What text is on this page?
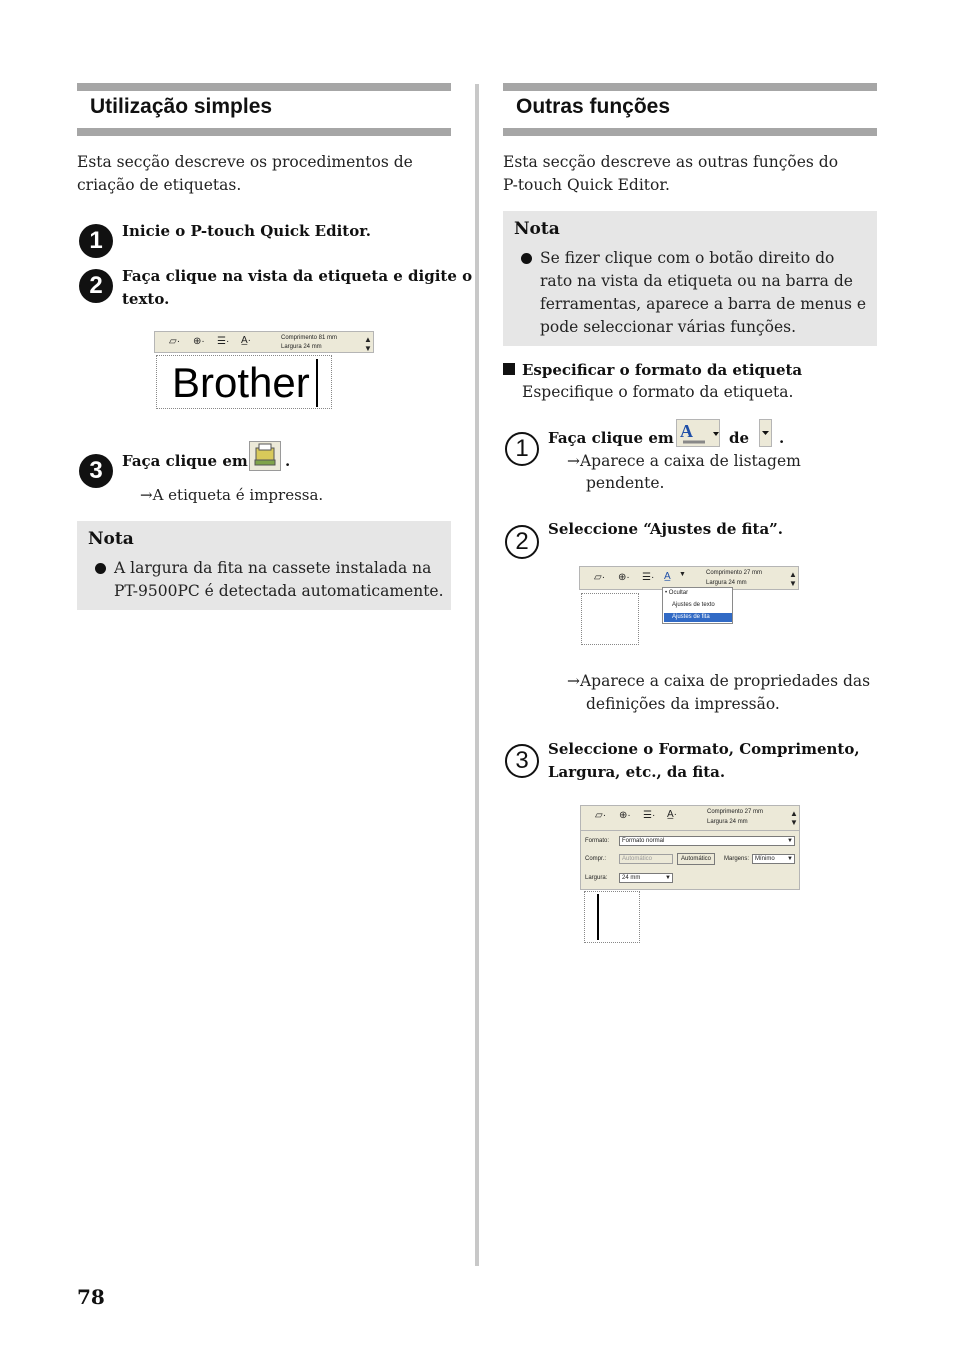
Utilização simples
Esta secção descreve os procedimentos de
criação de etiquetas.
1	Inicie o P-touch Quick Editor.
2	Faça clique na vista da etiqueta e digite o
texto.
▱· ⊕· ☰· A̲·	Comprimento 81 mm
Largura 24 mm
▲
▼
Brother
3	Faça clique em .
→A etiqueta é impressa.
Nota
A largura da fita na cassete instalada na
PT-9500PC é detectada automaticamente.
Outras funções
Esta secção descreve as outras funções do
P-touch Quick Editor.
Nota
Se fizer clique com o botão direito do
rato na vista da etiqueta ou na barra de
ferramentas, aparece a barra de menus e
pode seleccionar várias funções.
Especificar o formato da etiqueta
Especifique o formato da etiqueta.
1	Faça clique em A de .
→Aparece a caixa de listagem
pendente.
2	Seleccione “Ajustes de fita”.
▱· ⊕· ☰· A̲ ▼	Comprimento 27 mm
Largura 24 mm
▲
▼
• Ocultar
Ajustes de texto
Ajustes de fita
→Aparece a caixa de propriedades das
definições da impressão.
3	Seleccione o Formato, Comprimento,
Largura, etc., da fita.
▱· ⊕· ☰· A̲·	Comprimento 27 mm
Largura 24 mm
▲
▼
Formato: Formato normal	▼
Compr.:	Automático	Automático Margens: Mínimo ▼
Largura: 24 mm	▼
78
